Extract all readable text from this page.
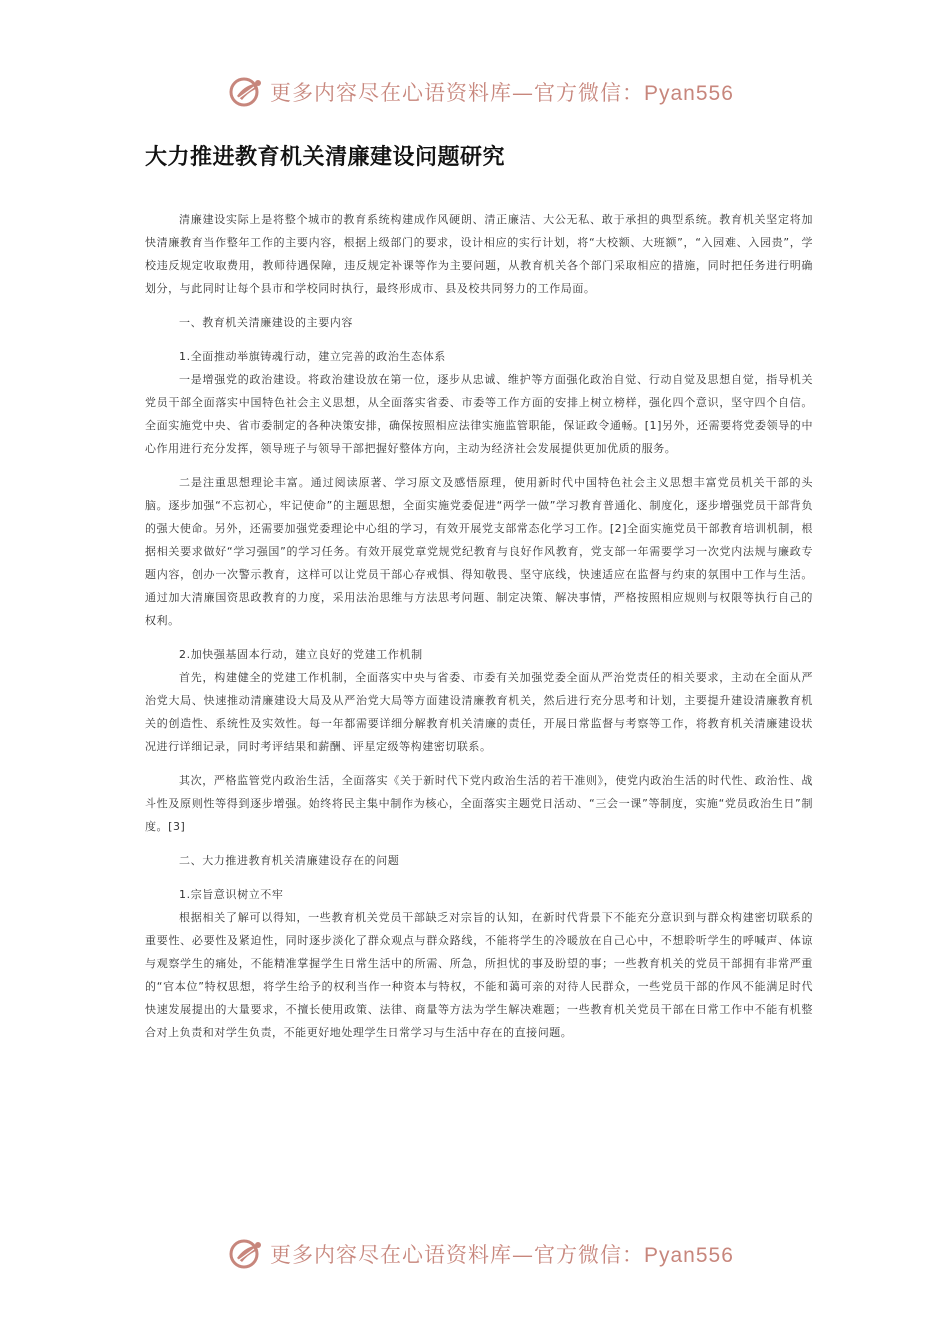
更多内容尽在心语资料库—官方微信：Pyan556
大力推进教育机关清廉建设问题研究

清廉建设实际上是将整个城市的教育系统构建成作风硬朗、清正廉洁、大公无私、敢于承担的典型系统。教育机关坚定将加快清廉教育当作整年工作的主要内容，根据上级部门的要求，设计相应的实行计划，将“大校额、大班额”，“入园难、入园贵”，学校违反规定收取费用，教师待遇保障，违反规定补课等作为主要问题，从教育机关各个部门采取相应的措施，同时把任务进行明确划分，与此同时让每个县市和学校同时执行，最终形成市、县及校共同努力的工作局面。

一、教育机关清廉建设的主要内容

1.全面推动举旗铸魂行动，建立完善的政治生态体系

一是增强党的政治建设。将政治建设放在第一位，逐步从忠诚、维护等方面强化政治自觉、行动自觉及思想自觉，指导机关党员干部全面落实中国特色社会主义思想，从全面落实省委、市委等工作方面的安排上树立榜样，强化四个意识，坚守四个自信。全面实施党中央、省市委制定的各种决策安排，确保按照相应法律实施监管职能，保证政令通畅。[1]另外，还需要将党委领导的中心作用进行充分发挥，领导班子与领导干部把握好整体方向，主动为经济社会发展提供更加优质的服务。

二是注重思想理论丰富。通过阅读原著、学习原文及感悟原理，使用新时代中国特色社会主义思想丰富党员机关干部的头脑。逐步加强“不忘初心，牢记使命”的主题思想，全面实施党委促进“两学一做”学习教育普通化、制度化，逐步增强党员干部背负的强大使命。另外，还需要加强党委理论中心组的学习，有效开展党支部常态化学习工作。[2]全面实施党员干部教育培训机制，根据相关要求做好“学习强国”的学习任务。有效开展党章党规党纪教育与良好作风教育，党支部一年需要学习一次党内法规与廉政专题内容，创办一次警示教育，这样可以让党员干部心存戒惧、得知敬畏、坚守底线，快速适应在监督与约束的氛围中工作与生活。通过加大清廉国资思政教育的力度，采用法治思维与方法思考问题、制定决策、解决事情，严格按照相应规则与权限等执行自己的权利。

2.加快强基固本行动，建立良好的党建工作机制

首先，构建健全的党建工作机制，全面落实中央与省委、市委有关加强党委全面从严治党责任的相关要求，主动在全面从严治党大局、快速推动清廉建设大局及从严治党大局等方面建设清廉教育机关，然后进行充分思考和计划，主要提升建设清廉教育机关的创造性、系统性及实效性。每一年都需要详细分解教育机关清廉的责任，开展日常监督与考察等工作，将教育机关清廉建设状况进行详细记录，同时考评结果和薪酬、评星定级等构建密切联系。

其次，严格监管党内政治生活，全面落实《关于新时代下党内政治生活的若干准则》，使党内政治生活的时代性、政治性、战斗性及原则性等得到逐步增强。始终将民主集中制作为核心，全面落实主题党日活动、“三会一课”等制度，实施“党员政治生日”制度。[3]

二、大力推进教育机关清廉建设存在的问题

1.宗旨意识树立不牢

根据相关了解可以得知，一些教育机关党员干部缺乏对宗旨的认知，在新时代背景下不能充分意识到与群众构建密切联系的重要性、必要性及紧迫性，同时逐步淡化了群众观点与群众路线，不能将学生的冷暖放在自己心中，不想聆听学生的呼喊声、体谅与观察学生的痛处，不能精准掌握学生日常生活中的所需、所急，所担忧的事及盼望的事；一些教育机关的党员干部拥有非常严重的“官本位”特权思想，将学生给予的权利当作一种资本与特权，不能和蔼可亲的对待人民群众，一些党员干部的作风不能满足时代快速发展提出的大量要求，不擅长使用政策、法律、商量等方法为学生解决难题；一些教育机关党员干部在日常工作中不能有机整合对上负责和对学生负责，不能更好地处理学生日常学习与生活中存在的直接问题。

更多内容尽在心语资料库—官方微信：Pyan556
